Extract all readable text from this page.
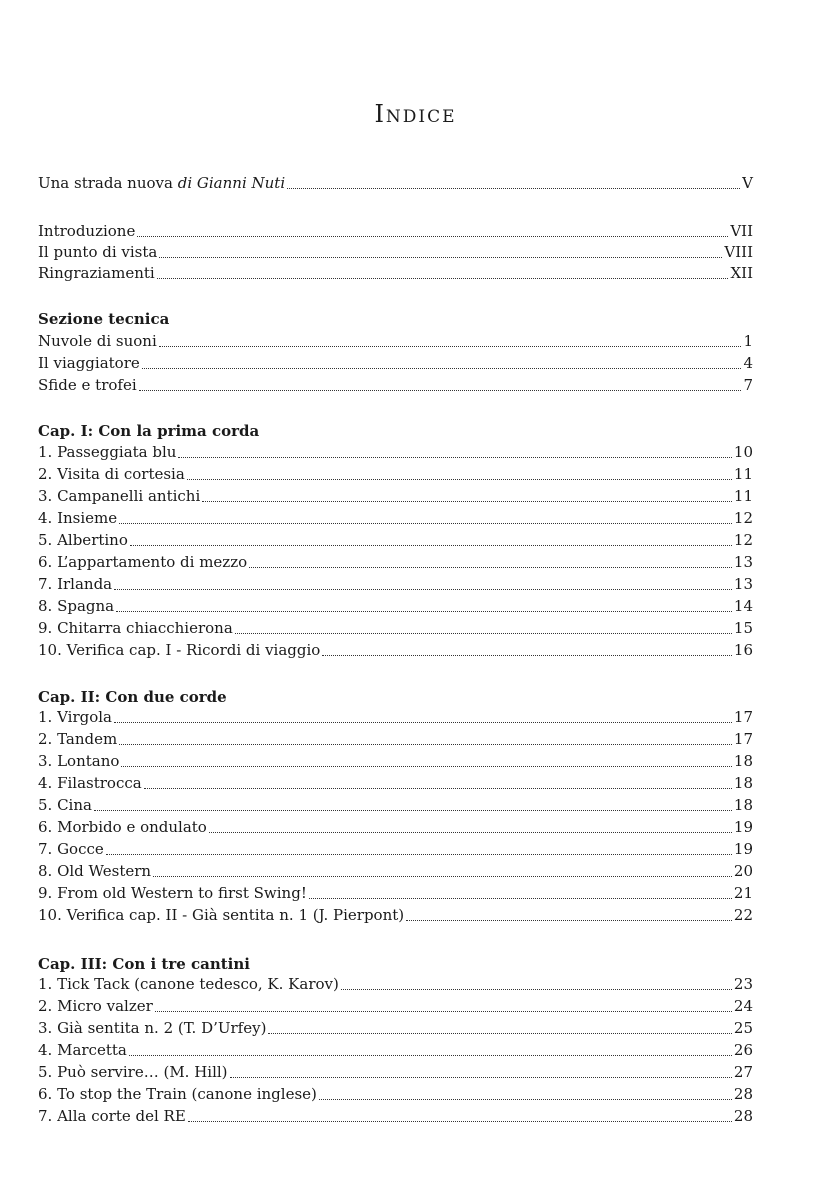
Indice
Una strada nuova di Gianni Nuti	V
Introduzione	VII
Il punto di vista	VIII
Ringraziamenti	XII
Sezione tecnica
Nuvole di suoni	1
Il viaggiatore	4
Sfide e trofei	7
Cap. I: Con la prima corda
1. Passeggiata blu	10
2. Visita di cortesia	11
3. Campanelli antichi	11
4. Insieme	12
5. Albertino	12
6. L’appartamento di mezzo	13
7. Irlanda	13
8. Spagna	14
9. Chitarra chiacchierona	15
10. Verifica cap. I - Ricordi di viaggio	16
Cap. II: Con due corde
1. Virgola	17
2. Tandem	17
3. Lontano	18
4. Filastrocca	18
5. Cina	18
6. Morbido e ondulato	19
7. Gocce	19
8. Old Western	20
9. From old Western to first Swing!	21
10. Verifica cap. II - Già sentita n. 1 (J. Pierpont)	22
Cap. III: Con i tre cantini
1. Tick Tack (canone tedesco, K. Karov)	23
2. Micro valzer	24
3. Già sentita n. 2 (T. D’Urfey)	25
4. Marcetta	26
5. Può servire… (M. Hill)	27
6. To stop the Train (canone inglese)	28
7. Alla corte del RE	28
